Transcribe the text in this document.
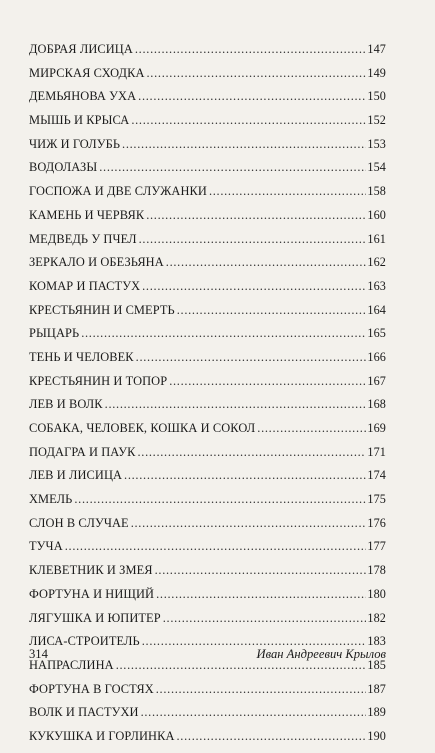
ДОБРАЯ ЛИСИЦА . . .	147
МИРСКАЯ СХОДКА . . .	149
ДЕМЬЯНОВА УХА . . .	150
МЫШЬ И КРЫСА . . .	152
ЧИЖ И ГОЛУБЬ . . .	153
ВОДОЛАЗЫ . . .	154
ГОСПОЖА И ДВЕ СЛУЖАНКИ . . .	158
КАМЕНЬ И ЧЕРВЯК . . .	160
МЕДВЕДЬ У ПЧЕЛ . . .	161
ЗЕРКАЛО И ОБЕЗЬЯНА . . .	162
КОМАР И ПАСТУХ . . .	163
КРЕСТЬЯНИН И СМЕРТЬ . . .	164
РЫЦАРЬ . . .	165
ТЕНЬ И ЧЕЛОВЕК . . .	166
КРЕСТЬЯНИН И ТОПОР . . .	167
ЛЕВ И ВОЛК . . .	168
СОБАКА, ЧЕЛОВЕК, КОШКА И СОКОЛ . . .	169
ПОДАГРА И ПАУК . . .	171
ЛЕВ И ЛИСИЦА . . .	174
ХМЕЛЬ . . .	175
СЛОН В СЛУЧАЕ . . .	176
ТУЧА . . .	177
КЛЕВЕТНИК И ЗМЕЯ . . .	178
ФОРТУНА И НИЩИЙ . . .	180
ЛЯГУШКА И ЮПИТЕР . . .	182
ЛИСА-СТРОИТЕЛЬ . . .	183
НАПРАСЛИНА . . .	185
ФОРТУНА В ГОСТЯХ . . .	187
ВОЛК И ПАСТУХИ . . .	189
КУКУШКА И ГОРЛИНКА . . .	190
314	Иван Андреевич Крылов
